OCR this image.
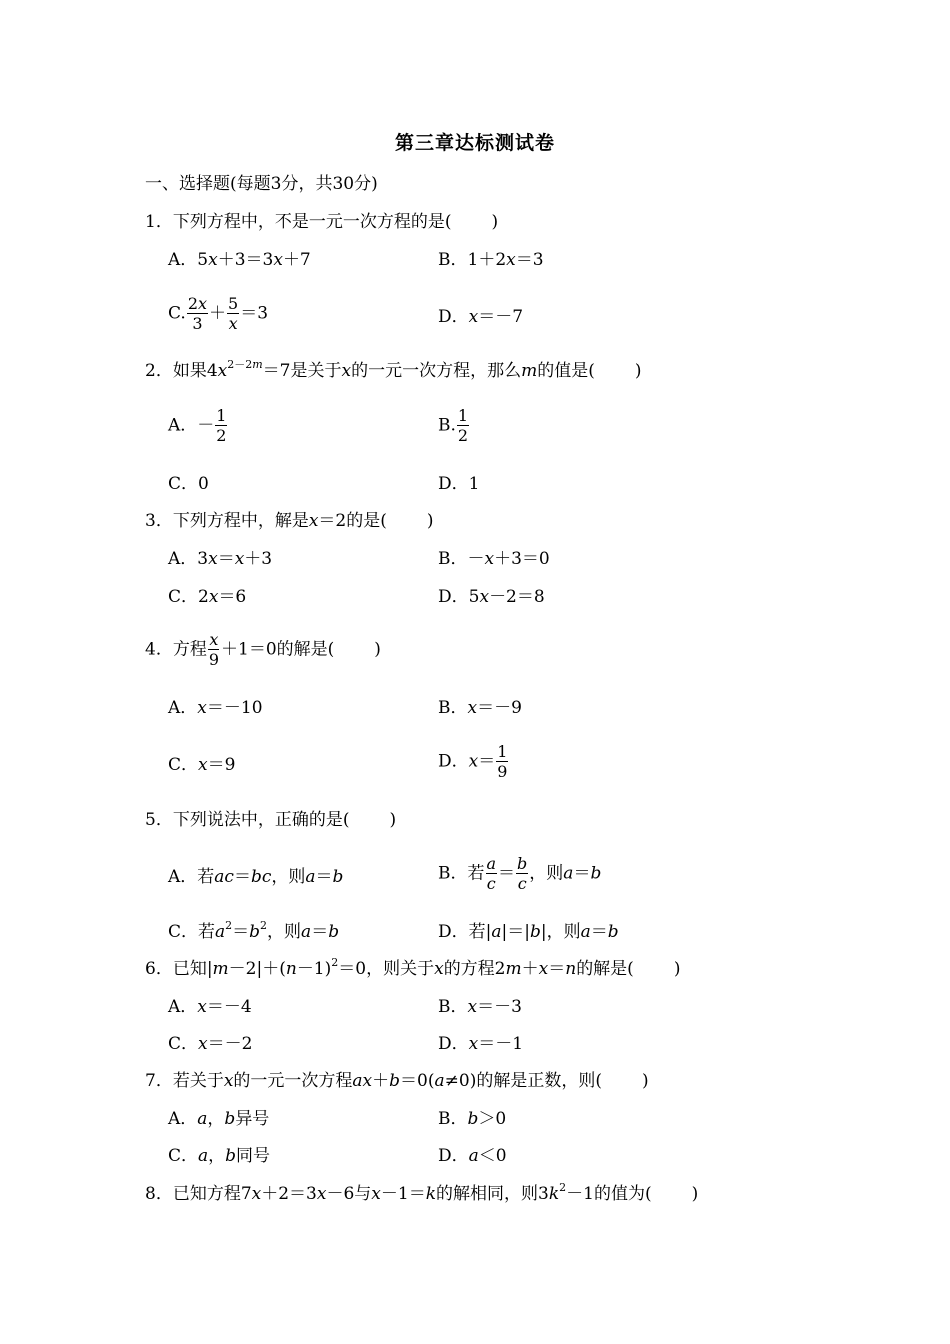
第三章达标测试卷
一、选择题(每题3分，共30分)
1．下列方程中，不是一元一次方程的是( )
A．5x＋3＝3x＋7	B．1＋2x＝3
C. $\frac{2x}{3} + \frac{5}{x} =3$	D．x＝－7
2．如果$4x^{2-2m}=7$是关于x的一元一次方程，那么m的值是( )
A．－ $\frac{1}{2}$	B. $\frac{1}{2}$
C．0	D．1
3．下列方程中，解是x＝2的是( )
A．3x＝x＋3	B．－x＋3＝0
C．2x＝6	D．5x－2＝8
4．方程 $\frac{x}{9} +1=0$的解是( )
A．x＝－10	B．x＝－9
C．x＝9	D．$x= \frac{1}{9}$
5．下列说法中，正确的是( )
A．若ac＝bc，则a＝b	B．若 $\frac{a}{c} = \frac{b}{c}$ ，则a＝b
C．若$a^2=b^2$，则a＝b	D．若|a|＝|b|，则a＝b
6．已知$|m-2|+(n-1)^2=0$，则关于x的方程2m＋x＝n的解是( )
A．x＝－4	B．x＝－3
C．x＝－2	D．x＝－1
7．若关于x的一元一次方程ax＋b＝0(a≠0)的解是正数，则( )
A．a，b异号	B．b＞0
C．a，b同号	D．a＜0
8．已知方程7x＋2＝3x－6与x－1＝k的解相同，则$3k^2-1$的值为( )
